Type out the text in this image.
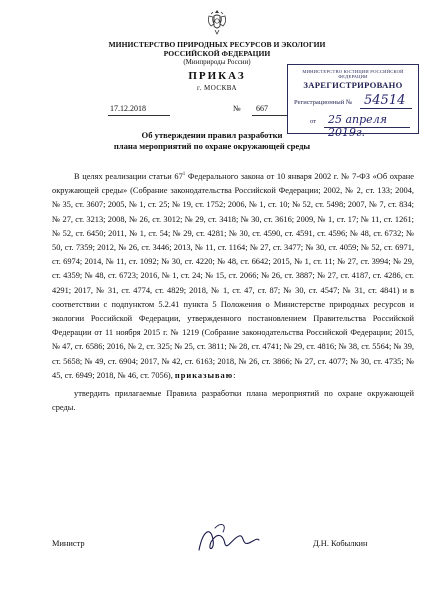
МИНИСТЕРСТВО ПРИРОДНЫХ РЕСУРСОВ И ЭКОЛОГИИ
РОССИЙСКОЙ ФЕДЕРАЦИИ
(Минприроды России)
ПРИКАЗ
г. МОСКВА
17.12.2018	№ 667
МИНИСТЕРСТВО ЮСТИЦИИ РОССИЙСКОЙ ФЕДЕРАЦИИ
ЗАРЕГИСТРИРОВАНО
Регистрационный № 54514
от 25 апреля 2019г.
Об утверждении правил разработки
плана мероприятий по охране окружающей среды

В целях реализации статьи $67^1$ Федерального закона от 10 января 2002 г. № 7-ФЗ «Об охране окружающей среды» (Собрание законодательства Российской Федерации; 2002, № 2, ст. 133; 2004, № 35, ст. 3607; 2005, № 1, ст. 25; № 19, ст. 1752; 2006, № 1, ст. 10; № 52, ст. 5498; 2007, № 7, ст. 834; № 27, ст. 3213; 2008, № 26, ст. 3012; № 29, ст. 3418; № 30, ст. 3616; 2009, № 1, ст. 17; № 11, ст. 1261; № 52, ст. 6450; 2011, № 1, ст. 54; № 29, ст. 4281; № 30, ст. 4590, ст. 4591, ст. 4596; № 48, ст. 6732; № 50, ст. 7359; 2012, № 26, ст. 3446; 2013, № 11, ст. 1164; № 27, ст. 3477; № 30, ст. 4059; № 52, ст. 6971, ст. 6974; 2014, № 11, ст. 1092; № 30, ст. 4220; № 48, ст. 6642; 2015, № 1, ст. 11; № 27, ст. 3994; № 29, ст. 4359; № 48, ст. 6723; 2016, № 1, ст. 24; № 15, ст. 2066; № 26, ст. 3887; № 27, ст. 4187, ст. 4286, ст. 4291; 2017, № 31, ст. 4774, ст. 4829; 2018, № 1, ст. 47, ст. 87; № 30, ст. 4547; № 31, ст. 4841) и в соответствии с подпунктом 5.2.41 пункта 5 Положения о Министерстве природных ресурсов и экологии Российской Федерации, утвержденного постановлением Правительства Российской Федерации от 11 ноября 2015 г. № 1219 (Собрание законодательства Российской Федерации; 2015, № 47, ст. 6586; 2016, № 2, ст. 325; № 25, ст. 3811; № 28, ст. 4741; № 29, ст. 4816; № 38, ст. 5564; № 39, ст. 5658; № 49, ст. 6904; 2017, № 42, ст. 6163; 2018, № 26, ст. 3866; № 27, ст. 4077; № 30, ст. 4735; № 45, ст. 6949; 2018, № 46, ст. 7056), приказываю:

утвердить прилагаемые Правила разработки плана мероприятий по охране окружающей среды.

Министр	Д.Н. Кобылкин
